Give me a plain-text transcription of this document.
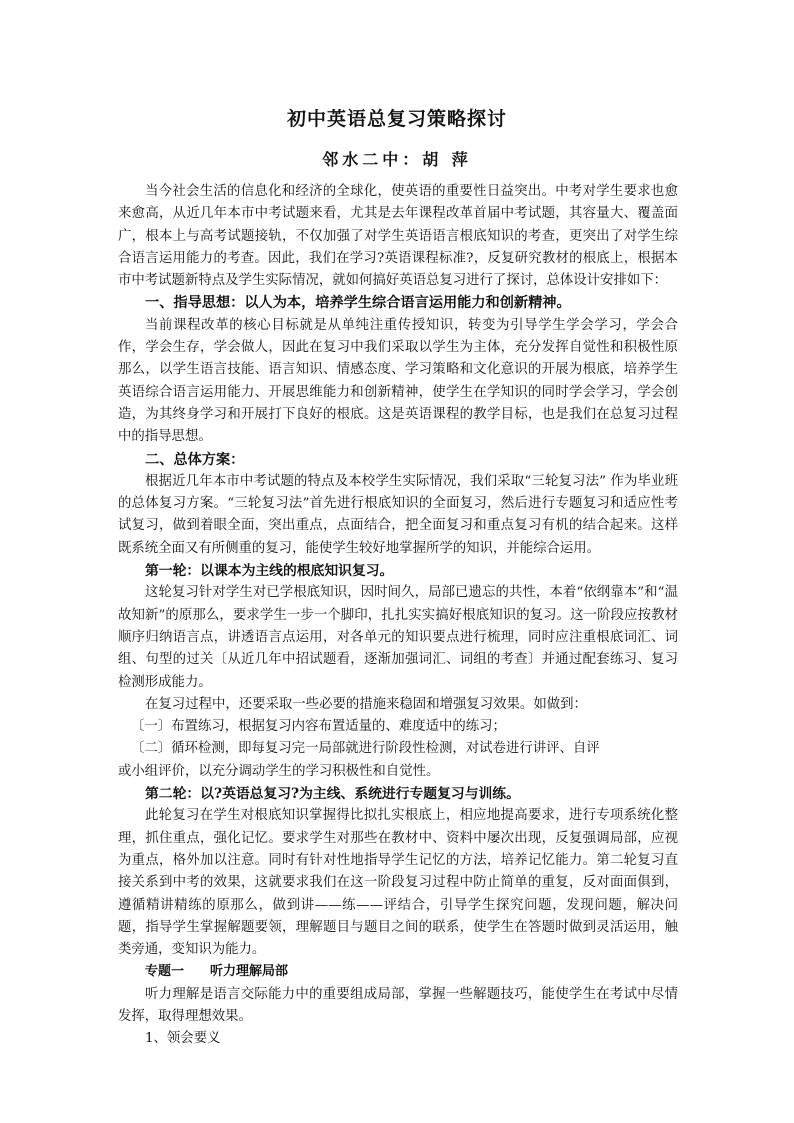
初中英语总复习策略探讨
邻水二中：胡 萍

当今社会生活的信息化和经济的全球化，使英语的重要性日益突出。中考对学生要求也愈来愈高，从近几年本市中考试题来看，尤其是去年课程改革首届中考试题，其容量大、覆盖面广，根本上与高考试题接轨，不仅加强了对学生英语语言根底知识的考查，更突出了对学生综合语言运用能力的考查。因此，我们在学习?英语课程标准?，反复研究教材的根底上，根据本市中考试题新特点及学生实际情况，就如何搞好英语总复习进行了探讨，总体设计安排如下：

一、指导思想：以人为本，培养学生综合语言运用能力和创新精神。

当前课程改革的核心目标就是从单纯注重传授知识，转变为引导学生学会学习，学会合作，学会生存，学会做人，因此在复习中我们采取以学生为主体，充分发挥自觉性和积极性原那么，以学生语言技能、语言知识、情感态度、学习策略和文化意识的开展为根底，培养学生英语综合语言运用能力、开展思维能力和创新精神，使学生在学知识的同时学会学习，学会创造，为其终身学习和开展打下良好的根底。这是英语课程的教学目标，也是我们在总复习过程中的指导思想。

二、总体方案：

根据近几年本市中考试题的特点及本校学生实际情况，我们采取“三轮复习法” 作为毕业班的总体复习方案。“三轮复习法”首先进行根底知识的全面复习，然后进行专题复习和适应性考试复习，做到着眼全面，突出重点，点面结合，把全面复习和重点复习有机的结合起来。这样既系统全面又有所侧重的复习，能使学生较好地掌握所学的知识，并能综合运用。

第一轮：以课本为主线的根底知识复习。

这轮复习针对学生对已学根底知识，因时间久，局部已遗忘的共性，本着“依纲靠本”和“温故知新”的原那么，要求学生一步一个脚印，扎扎实实搞好根底知识的复习。这一阶段应按教材顺序归纳语言点，讲透语言点运用，对各单元的知识要点进行梳理，同时应注重根底词汇、词组、句型的过关〔从近几年中招试题看，逐渐加强词汇、词组的考查〕并通过配套练习、复习检测形成能力。

在复习过程中，还要采取一些必要的措施来稳固和增强复习效果。如做到：

〔一〕布置练习，根据复习内容布置适量的、难度适中的练习；

〔二〕循环检测，即每复习完一局部就进行阶段性检测，对试卷进行讲评、自评

或小组评价，以充分调动学生的学习积极性和自觉性。

第二轮：以?英语总复习?为主线、系统进行专题复习与训练。

此轮复习在学生对根底知识掌握得比拟扎实根底上，相应地提高要求，进行专项系统化整理，抓住重点，强化记忆。要求学生对那些在教材中、资料中屡次出现，反复强调局部，应视为重点，格外加以注意。同时有针对性地指导学生记忆的方法，培养记忆能力。第二轮复习直接关系到中考的效果，这就要求我们在这一阶段复习过程中防止简单的重复，反对面面俱到，遵循精讲精练的原那么，做到讲——练——评结合，引导学生探究问题，发现问题，解决问题，指导学生掌握解题要领，理解题目与题目之间的联系，使学生在答题时做到灵活运用，触类旁通，变知识为能力。

专题一 听力理解局部

听力理解是语言交际能力中的重要组成局部，掌握一些解题技巧，能使学生在考试中尽情发挥，取得理想效果。

1、领会要义
